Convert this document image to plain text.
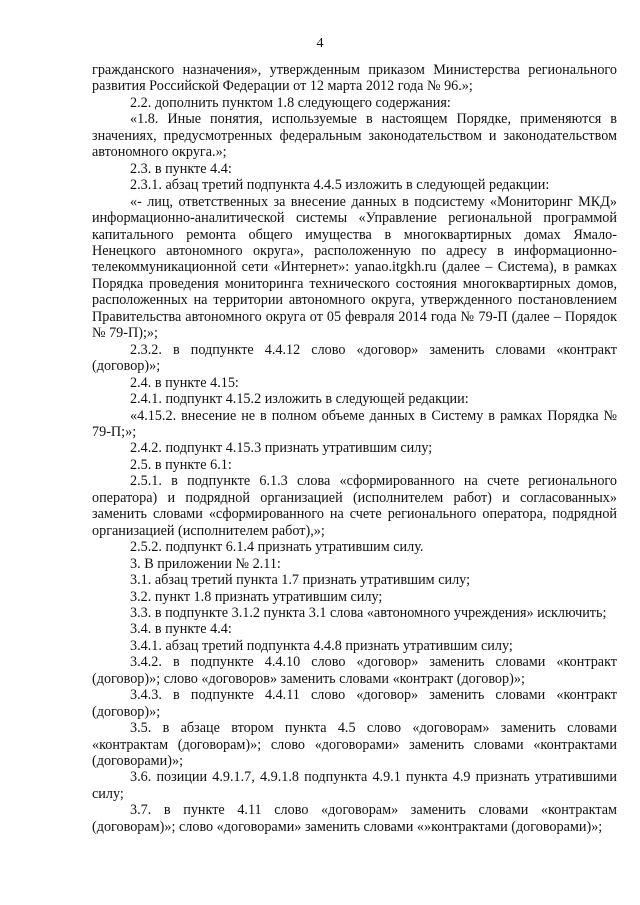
4

гражданского назначения», утвержденным приказом Министерства регионального развития Российской Федерации от 12 марта 2012 года № 96.»;

2.2. дополнить пунктом 1.8 следующего содержания:

«1.8. Иные понятия, используемые в настоящем Порядке, применяются в значениях, предусмотренных федеральным законодательством и законодательством автономного округа.»;

2.3. в пункте 4.4:

2.3.1. абзац третий подпункта 4.4.5 изложить в следующей редакции:

«- лиц, ответственных за внесение данных в подсистему «Мониторинг МКД» информационно-аналитической системы «Управление региональной программой капитального ремонта общего имущества в многоквартирных домах Ямало-Ненецкого автономного округа», расположенную по адресу в информационно-телекоммуникационной сети «Интернет»: yanao.itgkh.ru (далее – Система), в рамках Порядка проведения мониторинга технического состояния многоквартирных домов, расположенных на территории автономного округа, утвержденного постановлением Правительства автономного округа от 05 февраля 2014 года № 79-П (далее – Порядок № 79-П);»;

2.3.2. в подпункте 4.4.12 слово «договор» заменить словами «контракт (договор)»;

2.4. в пункте 4.15:

2.4.1. подпункт 4.15.2 изложить в следующей редакции:

«4.15.2. внесение не в полном объеме данных в Систему в рамках Порядка № 79-П;»;

2.4.2. подпункт 4.15.3 признать утратившим силу;

2.5. в пункте 6.1:

2.5.1. в подпункте 6.1.3 слова «сформированного на счете регионального оператора) и подрядной организацией (исполнителем работ) и согласованных» заменить словами «сформированного на счете регионального оператора, подрядной организацией (исполнителем работ),»;

2.5.2. подпункт 6.1.4 признать утратившим силу.

3. В приложении № 2.11:

3.1. абзац третий пункта 1.7 признать утратившим силу;

3.2. пункт 1.8 признать утратившим силу;

3.3. в подпункте 3.1.2 пункта 3.1 слова «автономного учреждения» исключить;

3.4. в пункте 4.4:

3.4.1. абзац третий подпункта 4.4.8 признать утратившим силу;

3.4.2. в подпункте 4.4.10 слово «договор» заменить словами «контракт (договор)»; слово «договоров» заменить словами «контракт (договор)»;

3.4.3. в подпункте 4.4.11 слово «договор» заменить словами «контракт (договор)»;

3.5. в абзаце втором пункта 4.5 слово «договорам» заменить словами «контрактам (договорам)»; слово «договорами» заменить словами «контрактами (договорами)»;

3.6. позиции 4.9.1.7, 4.9.1.8 подпункта 4.9.1 пункта 4.9 признать утратившими силу;

3.7. в пункте 4.11 слово «договорам» заменить словами «контрактам (договорам)»; слово «договорами» заменить словами «»контрактами (договорами)»;
